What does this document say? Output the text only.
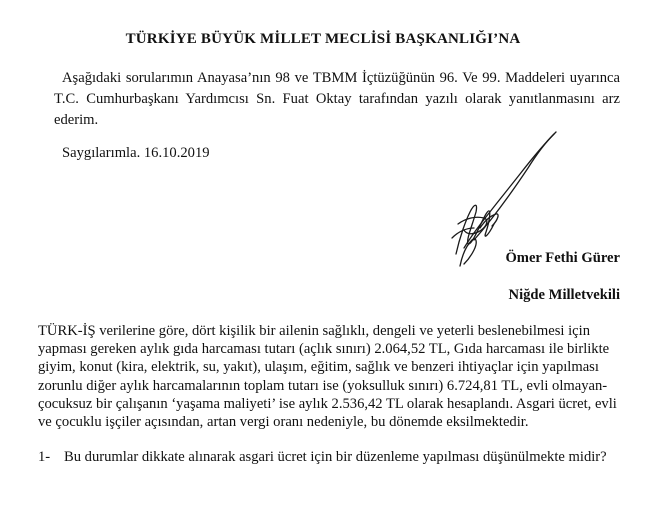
TÜRKİYE BÜYÜK MİLLET MECLİSİ BAŞKANLIĞI’NA

Aşağıdaki sorularımın Anayasa’nın 98 ve TBMM İçtüzüğünün 96. Ve 99. Maddeleri uyarınca T.C. Cumhurbaşkanı Yardımcısı Sn. Fuat Oktay tarafından yazılı olarak yanıtlanmasını arz ederim.

Saygılarımla. 16.10.2019

Ömer Fethi Gürer
Niğde Milletvekili

TÜRK-İŞ verilerine göre, dört kişilik bir ailenin sağlıklı, dengeli ve yeterli beslenebilmesi için yapması gereken aylık gıda harcaması tutarı (açlık sınırı) 2.064,52 TL, Gıda harcaması ile birlikte giyim, konut (kira, elektrik, su, yakıt), ulaşım, eğitim, sağlık ve benzeri ihtiyaçlar için yapılması zorunlu diğer aylık harcamalarının toplam tutarı ise (yoksulluk sınırı) 6.724,81 TL, evli olmayan-çocuksuz bir çalışanın ‘yaşama maliyeti’ ise aylık 2.536,42 TL olarak hesaplandı. Asgari ücret, evli ve çocuklu işçiler açısından, artan vergi oranı nedeniyle, bu dönemde eksilmektedir.

1- Bu durumlar dikkate alınarak asgari ücret için bir düzenleme yapılması düşünülmekte midir?
